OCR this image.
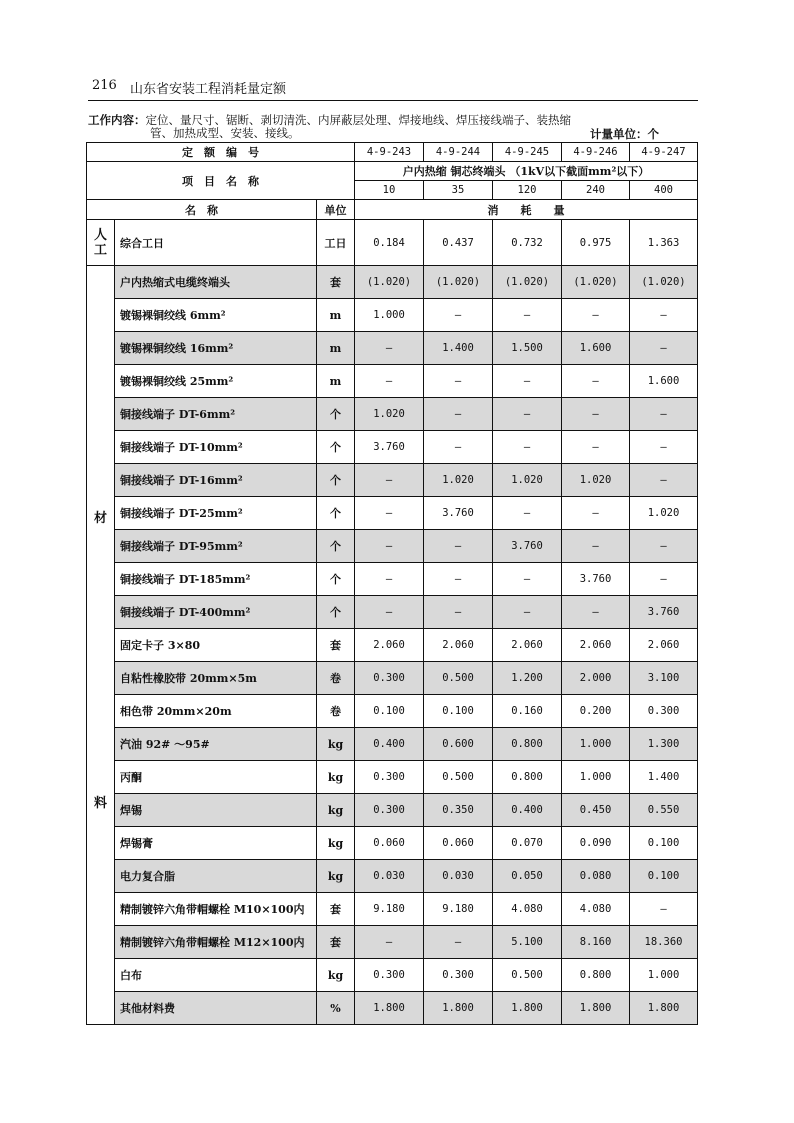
216 山东省安装工程消耗量定额
工作内容：定位、量尺寸、锯断、剥切清洗、内屏蔽层处理、焊接地线、焊压接线端子、装热缩
管、加热成型、安装、接线。	计量单位：个
定　额　编　号			4-9-243	4-9-244	4-9-245	4-9-246	4-9-247
项　目　名　称			户内热缩 铜芯终端头 （1kV以下截面mm²以下）				
			10	35	120	240	400
名　称		单位	消　　耗　　量				

人
工	综合工日	工日	0.184	0.437	0.732	0.975	1.363

材
料	户内热缩式电缆终端头	套	(1.020)	(1.020)	(1.020)	(1.020)	(1.020)
	镀锡裸铜绞线 6mm²	m	1.000	—	—	—	—
	镀锡裸铜绞线 16mm²	m	—	1.400	1.500	1.600	—
	镀锡裸铜绞线 25mm²	m	—	—	—	—	1.600
	铜接线端子 DT-6mm²	个	1.020	—	—	—	—
	铜接线端子 DT-10mm²	个	3.760	—	—	—	—
	铜接线端子 DT-16mm²	个	—	1.020	1.020	1.020	—
	铜接线端子 DT-25mm²	个	—	3.760	—	—	1.020
	铜接线端子 DT-95mm²	个	—	—	3.760	—	—
	铜接线端子 DT-185mm²	个	—	—	—	3.760	—
	铜接线端子 DT-400mm²	个	—	—	—	—	3.760
	固定卡子 3×80	套	2.060	2.060	2.060	2.060	2.060
	自粘性橡胶带 20mm×5m	卷	0.300	0.500	1.200	2.000	3.100
	相色带 20mm×20m	卷	0.100	0.100	0.160	0.200	0.300
	汽油 92# ～95#	kg	0.400	0.600	0.800	1.000	1.300
	丙酮	kg	0.300	0.500	0.800	1.000	1.400
	焊锡	kg	0.300	0.350	0.400	0.450	0.550
	焊锡膏	kg	0.060	0.060	0.070	0.090	0.100
	电力复合脂	kg	0.030	0.030	0.050	0.080	0.100
	精制镀锌六角带帽螺栓 M10×100内	套	9.180	9.180	4.080	4.080	—
	精制镀锌六角带帽螺栓 M12×100内	套	—	—	5.100	8.160	18.360
	白布	kg	0.300	0.300	0.500	0.800	1.000
	其他材料费	%	1.800	1.800	1.800	1.800	1.800
